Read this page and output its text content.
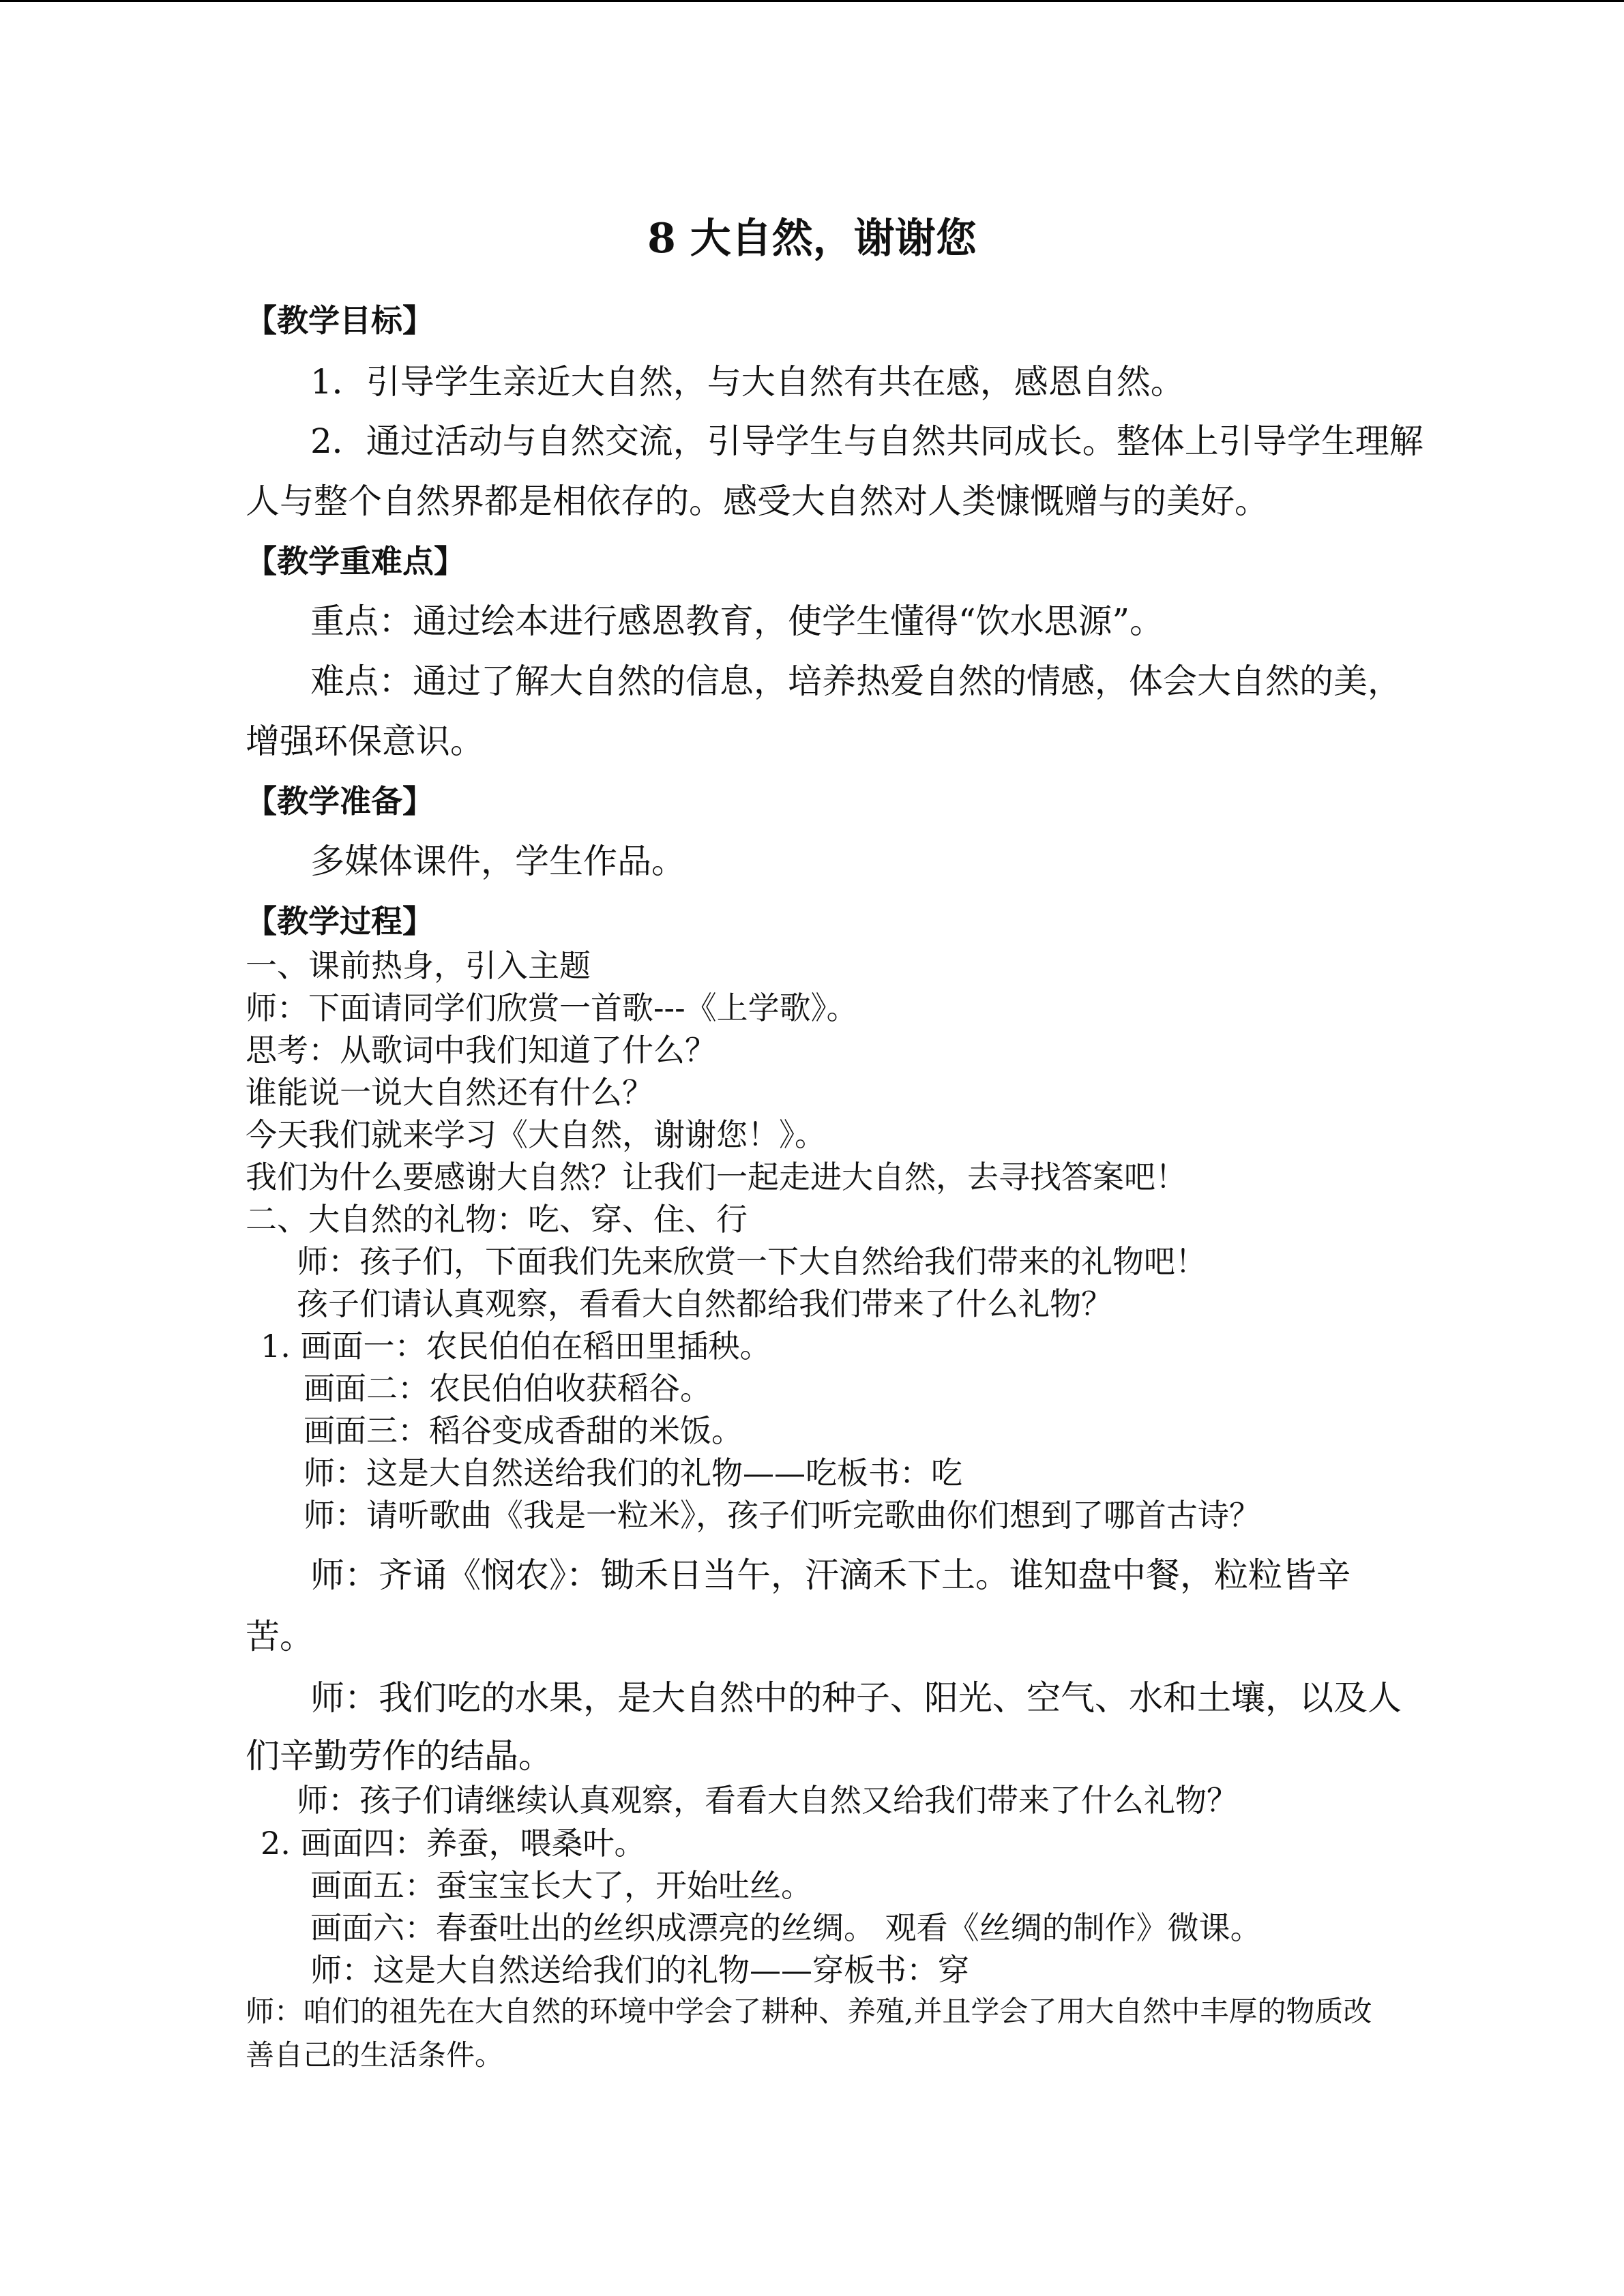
8 大自然，谢谢您
【教学目标】
1．引导学生亲近大自然，与大自然有共在感，感恩自然。
2．通过活动与自然交流，引导学生与自然共同成长。整体上引导学生理解
人与整个自然界都是相依存的。感受大自然对人类慷慨赠与的美好。
【教学重难点】
重点：通过绘本进行感恩教育，使学生懂得“饮水思源”。
难点：通过了解大自然的信息，培养热爱自然的情感，体会大自然的美，
增强环保意识。
【教学准备】
多媒体课件，学生作品。
【教学过程】
一、课前热身，引入主题
师：下面请同学们欣赏一首歌---《上学歌》。
思考：从歌词中我们知道了什么？
谁能说一说大自然还有什么？
今天我们就来学习《大自然，谢谢您！》。
我们为什么要感谢大自然？让我们一起走进大自然，去寻找答案吧！
二、大自然的礼物：吃、穿、住、行
师：孩子们，下面我们先来欣赏一下大自然给我们带来的礼物吧！
孩子们请认真观察，看看大自然都给我们带来了什么礼物？
1. 画面一：农民伯伯在稻田里插秧。
画面二：农民伯伯收获稻谷。
画面三：稻谷变成香甜的米饭。
师：这是大自然送给我们的礼物——吃板书：吃
师：请听歌曲《我是一粒米》，孩子们听完歌曲你们想到了哪首古诗？
师：齐诵《悯农》：锄禾日当午，汗滴禾下土。谁知盘中餐，粒粒皆辛
苦。
师：我们吃的水果，是大自然中的种子、阳光、空气、水和土壤，以及人
们辛勤劳作的结晶。
师：孩子们请继续认真观察，看看大自然又给我们带来了什么礼物？
2. 画面四：养蚕，喂桑叶。
画面五：蚕宝宝长大了，开始吐丝。
画面六：春蚕吐出的丝织成漂亮的丝绸。 观看《丝绸的制作》微课。
师：这是大自然送给我们的礼物——穿板书：穿
师：咱们的祖先在大自然的环境中学会了耕种、养殖,并且学会了用大自然中丰厚的物质改
善自己的生活条件。
